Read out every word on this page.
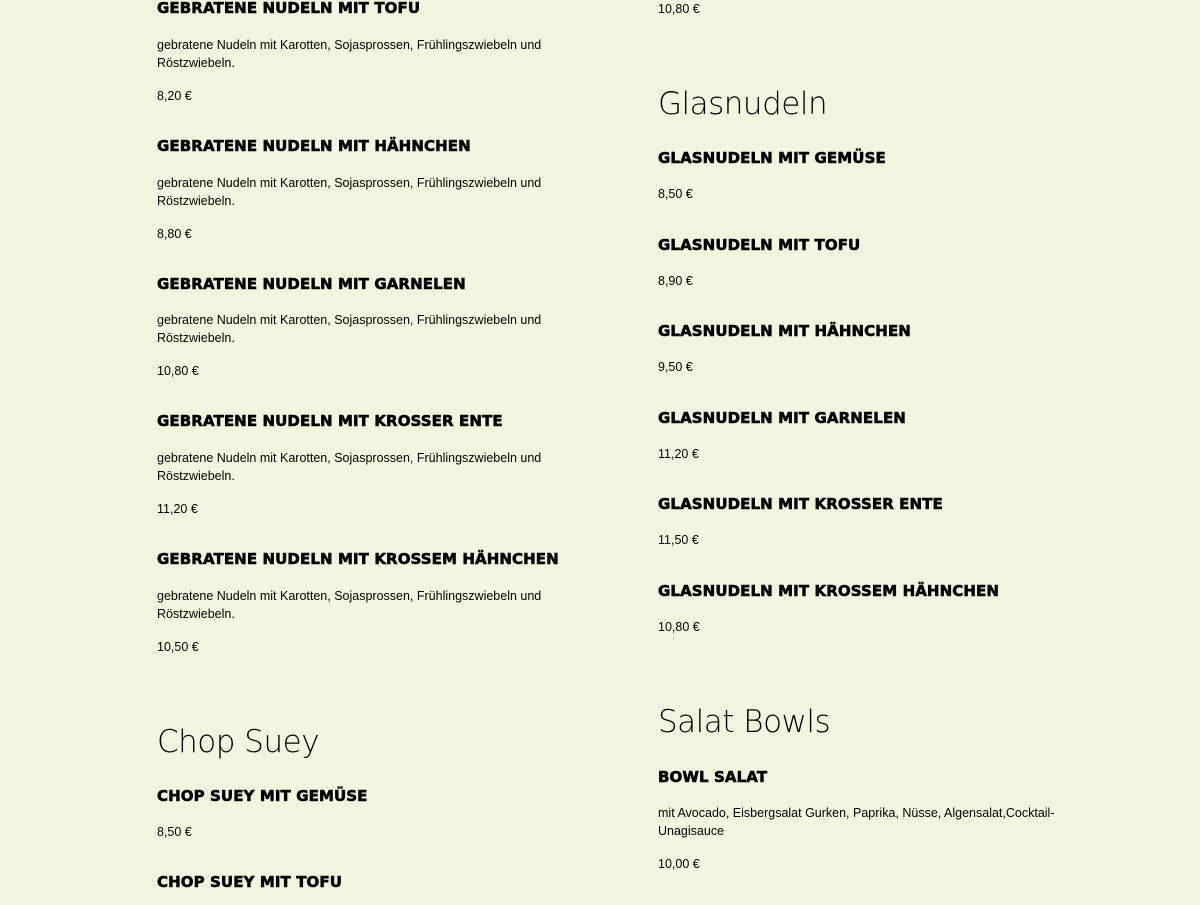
GEBRATENE NUDELN MIT TOFU

gebratene Nudeln mit Karotten, Sojasprossen, Frühlingszwiebeln und Röstzwiebeln.

8,20 €

GEBRATENE NUDELN MIT HÄHNCHEN

gebratene Nudeln mit Karotten, Sojasprossen, Frühlingszwiebeln und Röstzwiebeln.

8,80 €

GEBRATENE NUDELN MIT GARNELEN

gebratene Nudeln mit Karotten, Sojasprossen, Frühlingszwiebeln und Röstzwiebeln.

10,80 €

GEBRATENE NUDELN MIT KROSSER ENTE

gebratene Nudeln mit Karotten, Sojasprossen, Frühlingszwiebeln und Röstzwiebeln.

11,20 €

GEBRATENE NUDELN MIT KROSSEM HÄHNCHEN

gebratene Nudeln mit Karotten, Sojasprossen, Frühlingszwiebeln und Röstzwiebeln.

10,50 €

Chop Suey
CHOP SUEY MIT GEMÜSE

8,50 €

CHOP SUEY MIT TOFU

10,80 €

Glasnudeln
GLASNUDELN MIT GEMÜSE

8,50 €

GLASNUDELN MIT TOFU

8,90 €

GLASNUDELN MIT HÄHNCHEN

9,50 €

GLASNUDELN MIT GARNELEN

11,20 €

GLASNUDELN MIT KROSSER ENTE

11,50 €

GLASNUDELN MIT KROSSEM HÄHNCHEN

10,80 €

Salat Bowls
BOWL SALAT

mit Avocado, Eisbergsalat Gurken, Paprika, Nüsse, Algensalat,Cocktail-Unagisauce

10,00 €
